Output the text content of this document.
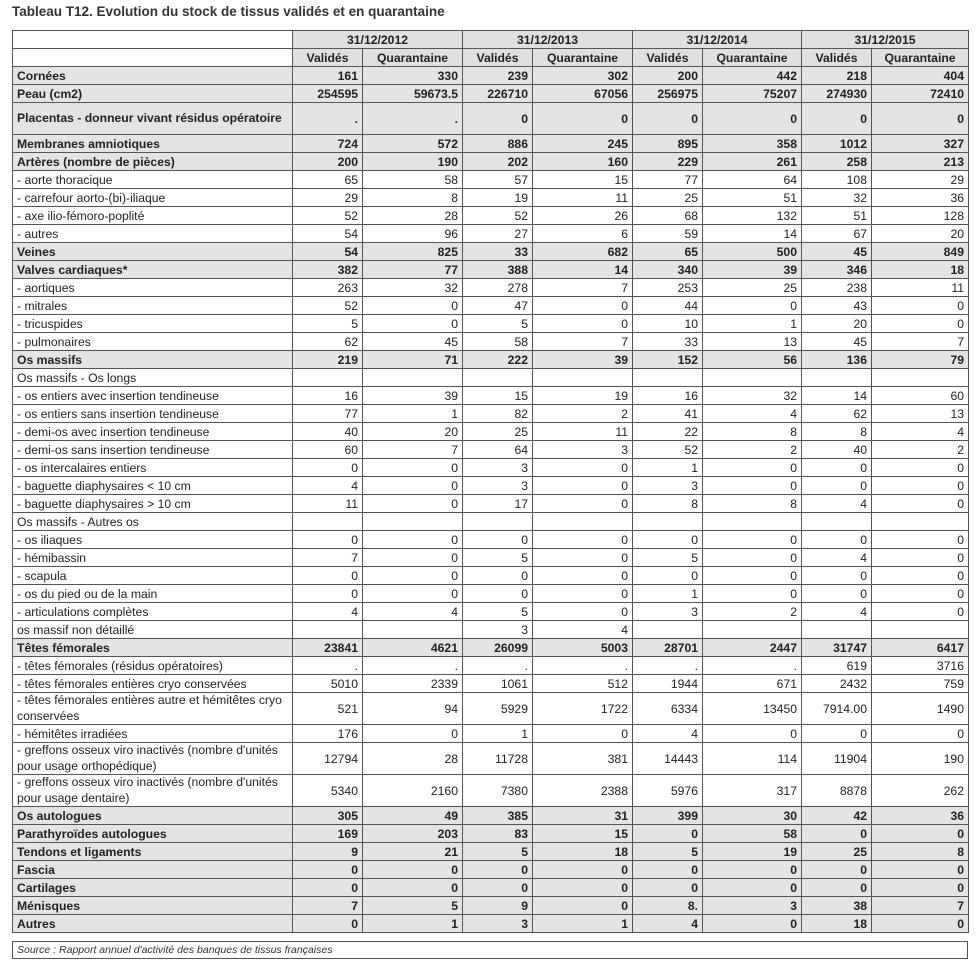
Tableau T12. Evolution du stock de tissus validés et en quarantaine
	31/12/2012		31/12/2013		31/12/2014		31/12/2015	
	Validés	Quarantaine	Validés	Quarantaine	Validés	Quarantaine	Validés	Quarantaine
Cornées	161	330	239	302	200	442	218	404
Peau (cm2)	254595	59673.5	226710	67056	256975	75207	274930	72410
Placentas - donneur vivant résidus opératoire	.	.	0	0	0	0	0	0
Membranes amniotiques	724	572	886	245	895	358	1012	327
Artères (nombre de pièces)	200	190	202	160	229	261	258	213
- aorte thoracique	65	58	57	15	77	64	108	29
- carrefour aorto-(bi)-iliaque	29	8	19	11	25	51	32	36
- axe ilio-fémoro-poplité	52	28	52	26	68	132	51	128
- autres	54	96	27	6	59	14	67	20
Veines	54	825	33	682	65	500	45	849
Valves cardiaques*	382	77	388	14	340	39	346	18
- aortiques	263	32	278	7	253	25	238	11
- mitrales	52	0	47	0	44	0	43	0
- tricuspides	5	0	5	0	10	1	20	0
- pulmonaires	62	45	58	7	33	13	45	7
Os massifs	219	71	222	39	152	56	136	79
Os massifs - Os longs								
- os entiers avec insertion tendineuse	16	39	15	19	16	32	14	60
- os entiers sans insertion tendineuse	77	1	82	2	41	4	62	13
- demi-os avec insertion tendineuse	40	20	25	11	22	8	8	4
- demi-os sans insertion tendineuse	60	7	64	3	52	2	40	2
- os intercalaires entiers	0	0	3	0	1	0	0	0
- baguette diaphysaires < 10 cm	4	0	3	0	3	0	0	0
- baguette diaphysaires > 10 cm	11	0	17	0	8	8	4	0
Os massifs - Autres os								
- os iliaques	0	0	0	0	0	0	0	0
- hémibassin	7	0	5	0	5	0	4	0
- scapula	0	0	0	0	0	0	0	0
- os du pied ou de la main	0	0	0	0	1	0	0	0
- articulations complètes	4	4	5	0	3	2	4	0
os massif non détaillé			3	4				
Têtes fémorales	23841	4621	26099	5003	28701	2447	31747	6417
- têtes fémorales (résidus opératoires)	.	.	.	.	.	.	619	3716
- têtes fémorales entières cryo conservées	5010	2339	1061	512	1944	671	2432	759
- têtes fémorales entières autre et hémitêtes cryo conservées	521	94	5929	1722	6334	13450	7914.00	1490
- hémitêtes irradiées	176	0	1	0	4	0	0	0
- greffons osseux viro inactivés (nombre d'unités pour usage orthopédique)	12794	28	11728	381	14443	114	11904	190
- greffons osseux viro inactivés (nombre d'unités pour usage dentaire)	5340	2160	7380	2388	5976	317	8878	262
Os autologues	305	49	385	31	399	30	42	36
Parathyroïdes autologues	169	203	83	15	0	58	0	0
Tendons et ligaments	9	21	5	18	5	19	25	8
Fascia	0	0	0	0	0	0	0	0
Cartilages	0	0	0	0	0	0	0	0
Ménisques	7	5	9	0	8.	3	38	7
Autres	0	1	3	1	4	0	18	0
Source : Rapport annuel d'activité des banques de tissus françaises
